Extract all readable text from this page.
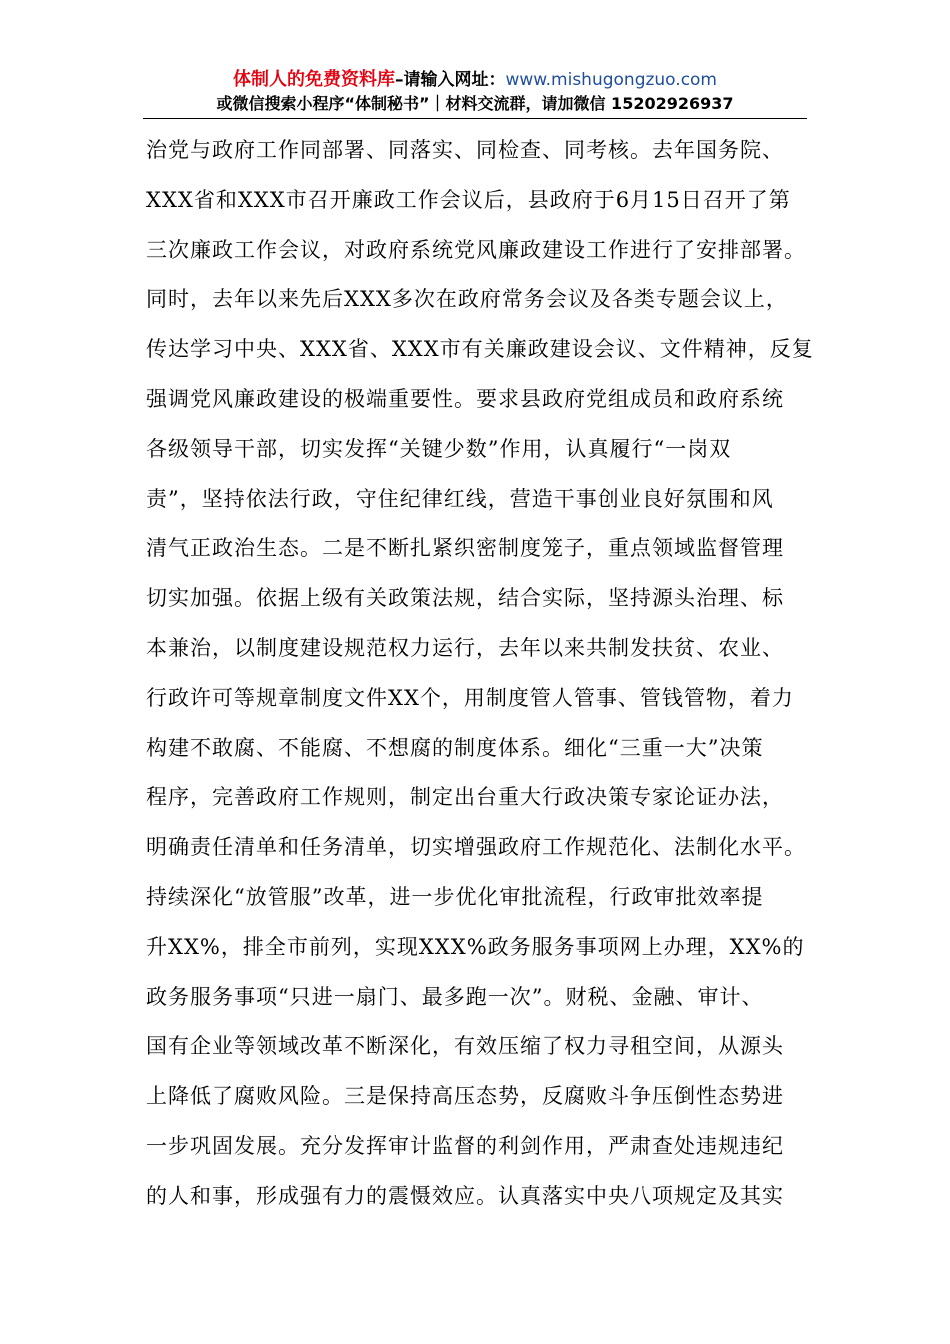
体制人的免费资料库–请输入网址：www.mishugongzuo.com
或微信搜索小程序“体制秘书”｜材料交流群，请加微信 15202926937
治党与政府工作同部署、同落实、同检查、同考核。去年国务院、
XXX省和XXX市召开廉政工作会议后，县政府于6月15日召开了第
三次廉政工作会议，对政府系统党风廉政建设工作进行了安排部署。
同时，去年以来先后XXX多次在政府常务会议及各类专题会议上，
传达学习中央、XXX省、XXX市有关廉政建设会议、文件精神，反复
强调党风廉政建设的极端重要性。要求县政府党组成员和政府系统
各级领导干部，切实发挥“关键少数”作用，认真履行“一岗双
责”，坚持依法行政，守住纪律红线，营造干事创业良好氛围和风
清气正政治生态。二是不断扎紧织密制度笼子，重点领域监督管理
切实加强。依据上级有关政策法规，结合实际，坚持源头治理、标
本兼治，以制度建设规范权力运行，去年以来共制发扶贫、农业、
行政许可等规章制度文件XX个，用制度管人管事、管钱管物，着力
构建不敢腐、不能腐、不想腐的制度体系。细化“三重一大”决策
程序，完善政府工作规则，制定出台重大行政决策专家论证办法，
明确责任清单和任务清单，切实增强政府工作规范化、法制化水平。
持续深化“放管服”改革，进一步优化审批流程，行政审批效率提
升XX%，排全市前列，实现XXX%政务服务事项网上办理，XX%的
政务服务事项“只进一扇门、最多跑一次”。财税、金融、审计、
国有企业等领域改革不断深化，有效压缩了权力寻租空间，从源头
上降低了腐败风险。三是保持高压态势，反腐败斗争压倒性态势进
一步巩固发展。充分发挥审计监督的利剑作用，严肃查处违规违纪
的人和事，形成强有力的震慑效应。认真落实中央八项规定及其实
